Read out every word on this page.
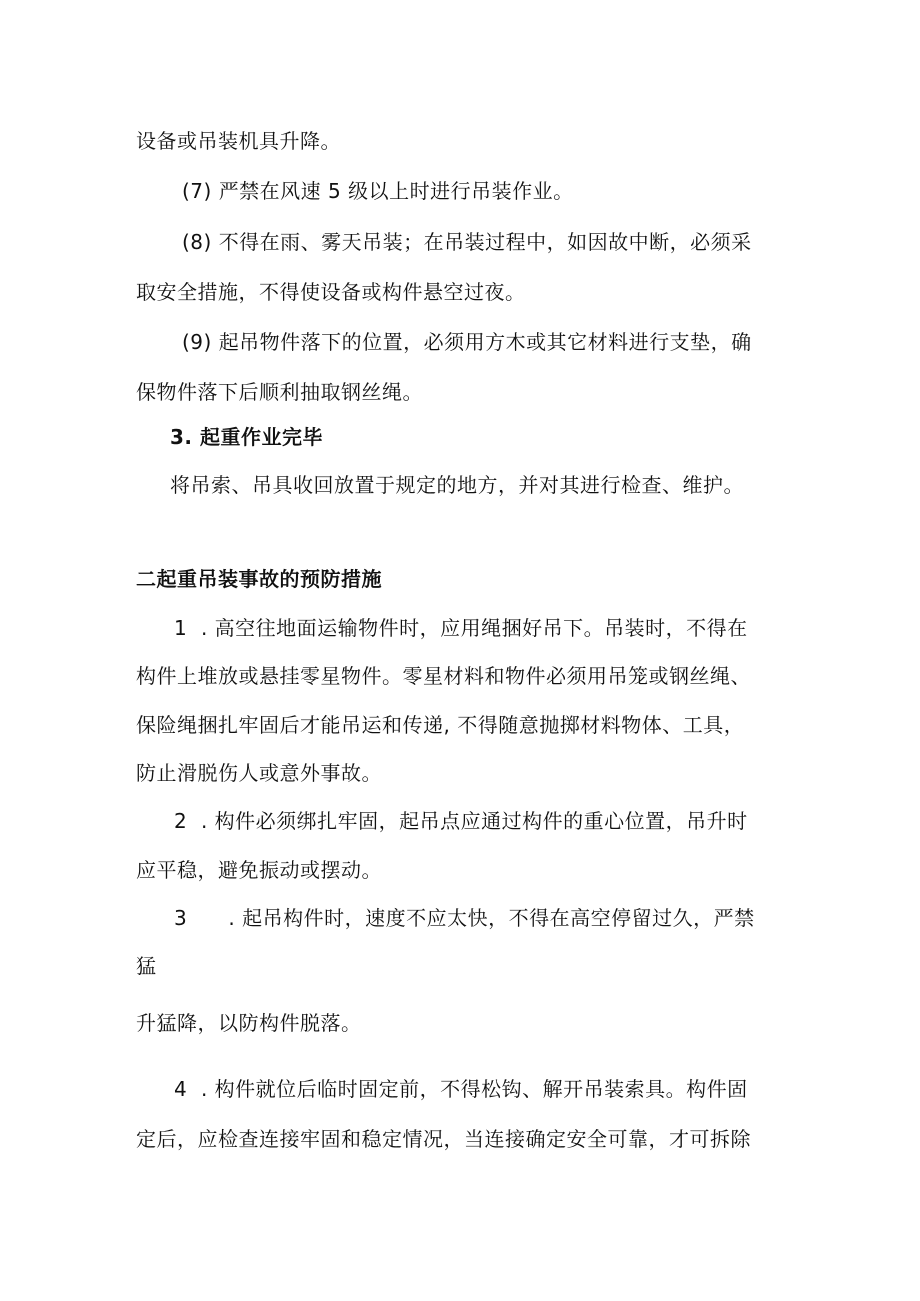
设备或吊装机具升降。
(7) 严禁在风速 5 级以上时进行吊装作业。
(8) 不得在雨、雾天吊装；在吊装过程中，如因故中断，必须采
取安全措施，不得使设备或构件悬空过夜。
(9) 起吊物件落下的位置，必须用方木或其它材料进行支垫，确
保物件落下后顺利抽取钢丝绳。
3. 起重作业完毕
将吊索、吊具收回放置于规定的地方，并对其进行检查、维护。
二起重吊装事故的预防措施
1  . 高空往地面运输物件时，应用绳捆好吊下。吊装时，不得在
构件上堆放或悬挂零星物件。零星材料和物件必须用吊笼或钢丝绳、
保险绳捆扎牢固后才能吊运和传递, 不得随意抛掷材料物体、工具，
防止滑脱伤人或意外事故。
2  . 构件必须绑扎牢固，起吊点应通过构件的重心位置，吊升时
应平稳，避免振动或摆动。
3      . 起吊构件时，速度不应太快，不得在高空停留过久，严禁
猛
升猛降，以防构件脱落。
4  . 构件就位后临时固定前，不得松钩、解开吊装索具。构件固
定后，应检查连接牢固和稳定情况，当连接确定安全可靠，才可拆除
